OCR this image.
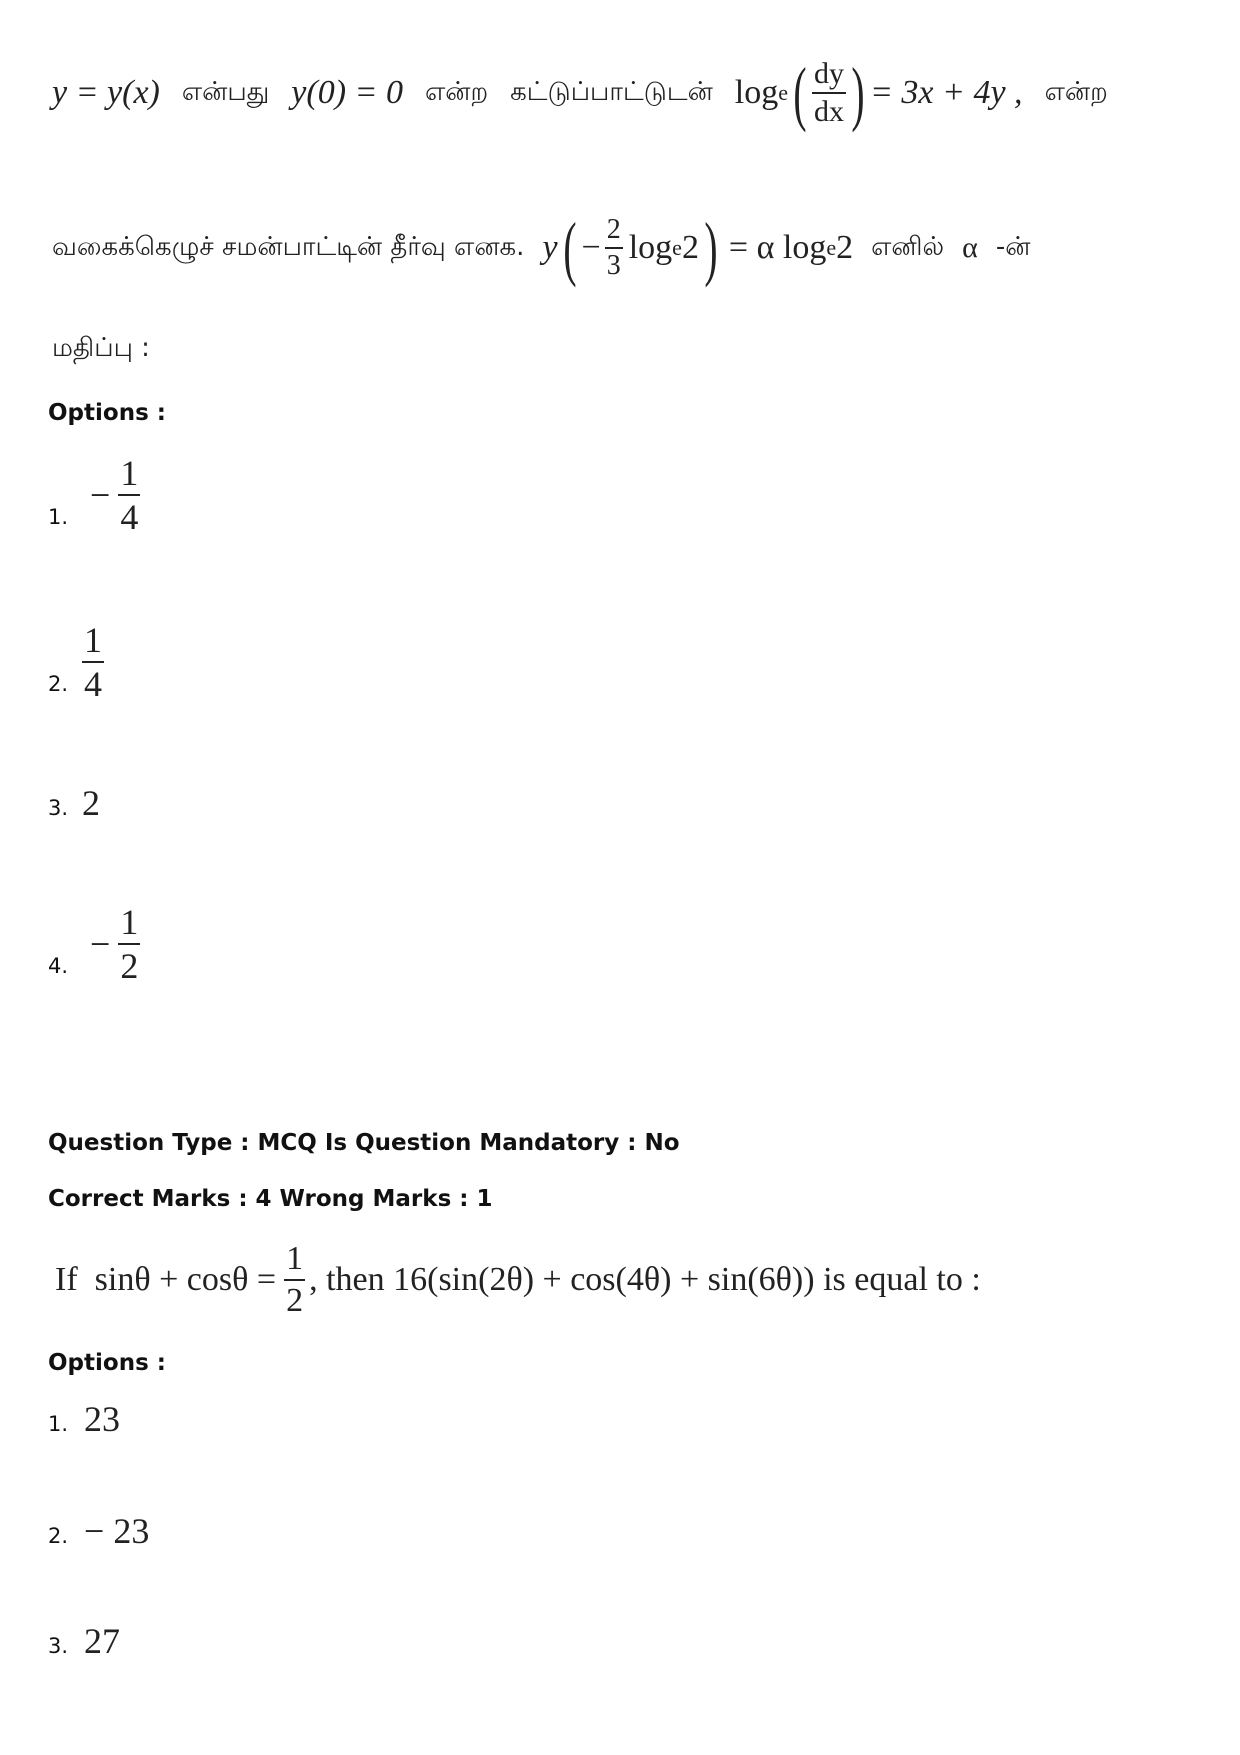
y = y(x) என்பது y(0) = 0 என்ற கட்டுப்பாட்டுடன் log e ( $\frac{dy}{dx}$ ) = 3x + 4y , என்ற
வகைக்கெழுச் சமன்பாட்டின் தீர்வு எனக. y ( − $\frac{2}{3}$ log e 2 ) = α log e 2 எனில் α -ன்
மதிப்பு :
Options :
1.
− $\frac{1}{4}$
2. $\frac{1}{4}$
3. 2
4.
− $\frac{1}{2}$
Question Type : MCQ Is Question Mandatory : No
Correct Marks : 4 Wrong Marks : 1
If  $\sin\theta + \cos\theta = \frac{1}{2}$ , then 16(sin(2θ) + cos(4θ) + sin(6θ)) is equal to :
Options :
1. 23
2. − 23
3. 27
